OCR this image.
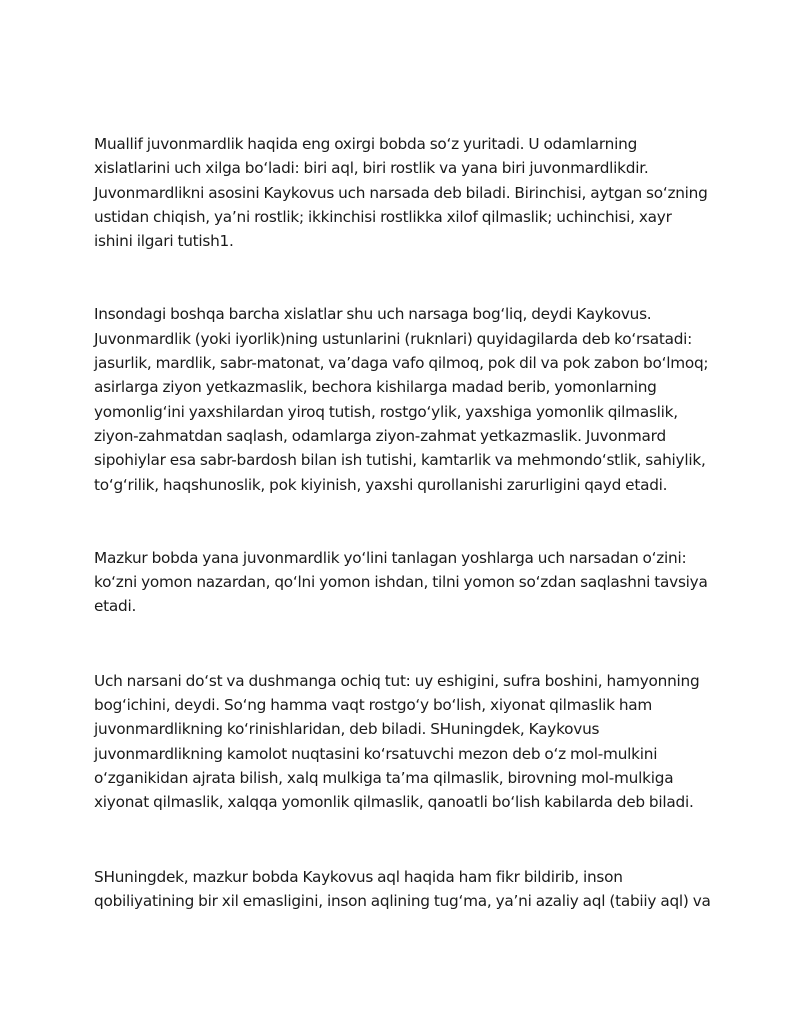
Muallif juvonmardlik haqida eng oxirgi bobda so‘z yuritadi. U odamlarning
xislatlarini uch xilga bo‘ladi: biri aql, biri rostlik va yana biri juvonmardlikdir.
Juvonmardlikni asosini Kaykovus uch narsada deb biladi. Birinchisi, aytgan so‘zning
ustidan chiqish, ya’ni rostlik; ikkinchisi rostlikka xilof qilmaslik; uchinchisi, xayr
ishini ilgari tutish1.

Insondagi boshqa barcha xislatlar shu uch narsaga bog‘liq, deydi Kaykovus.
Juvonmardlik (yoki iyorlik)ning ustunlarini (ruknlari) quyidagilarda deb ko‘rsatadi:
jasurlik, mardlik, sabr-matonat, va’daga vafo qilmoq, pok dil va pok zabon bo‘lmoq;
asirlarga ziyon yetkazmaslik, bechora kishilarga madad berib, yomonlarning
yomonlig‘ini yaxshilardan yiroq tutish, rostgo‘ylik, yaxshiga yomonlik qilmaslik,
ziyon-zahmatdan saqlash, odamlarga ziyon-zahmat yetkazmaslik. Juvonmard
sipohiylar esa sabr-bardosh bilan ish tutishi, kamtarlik va mehmondo‘stlik, sahiylik,
to‘g‘rilik, haqshunoslik, pok kiyinish, yaxshi qurollanishi zarurligini qayd etadi.

Mazkur bobda yana juvonmardlik yo‘lini tanlagan yoshlarga uch narsadan o‘zini:
ko‘zni yomon nazardan, qo‘lni yomon ishdan, tilni yomon so‘zdan saqlashni tavsiya
etadi.

Uch narsani do‘st va dushmanga ochiq tut: uy eshigini, sufra boshini, hamyonning
bog‘ichini, deydi. So‘ng hamma vaqt rostgo‘y bo‘lish, xiyonat qilmaslik ham
juvonmardlikning ko‘rinishlaridan, deb biladi. SHuningdek, Kaykovus
juvonmardlikning kamolot nuqtasini ko‘rsatuvchi mezon deb o‘z mol-mulkini
o‘zganikidan ajrata bilish, xalq mulkiga ta’ma qilmaslik, birovning mol-mulkiga
xiyonat qilmaslik, xalqqa yomonlik qilmaslik, qanoatli bo‘lish kabilarda deb biladi.

SHuningdek, mazkur bobda Kaykovus aql haqida ham fikr bildirib, inson
qobiliyatining bir xil emasligini, inson aqlining tug‘ma, ya’ni azaliy aql (tabiiy aql) va
